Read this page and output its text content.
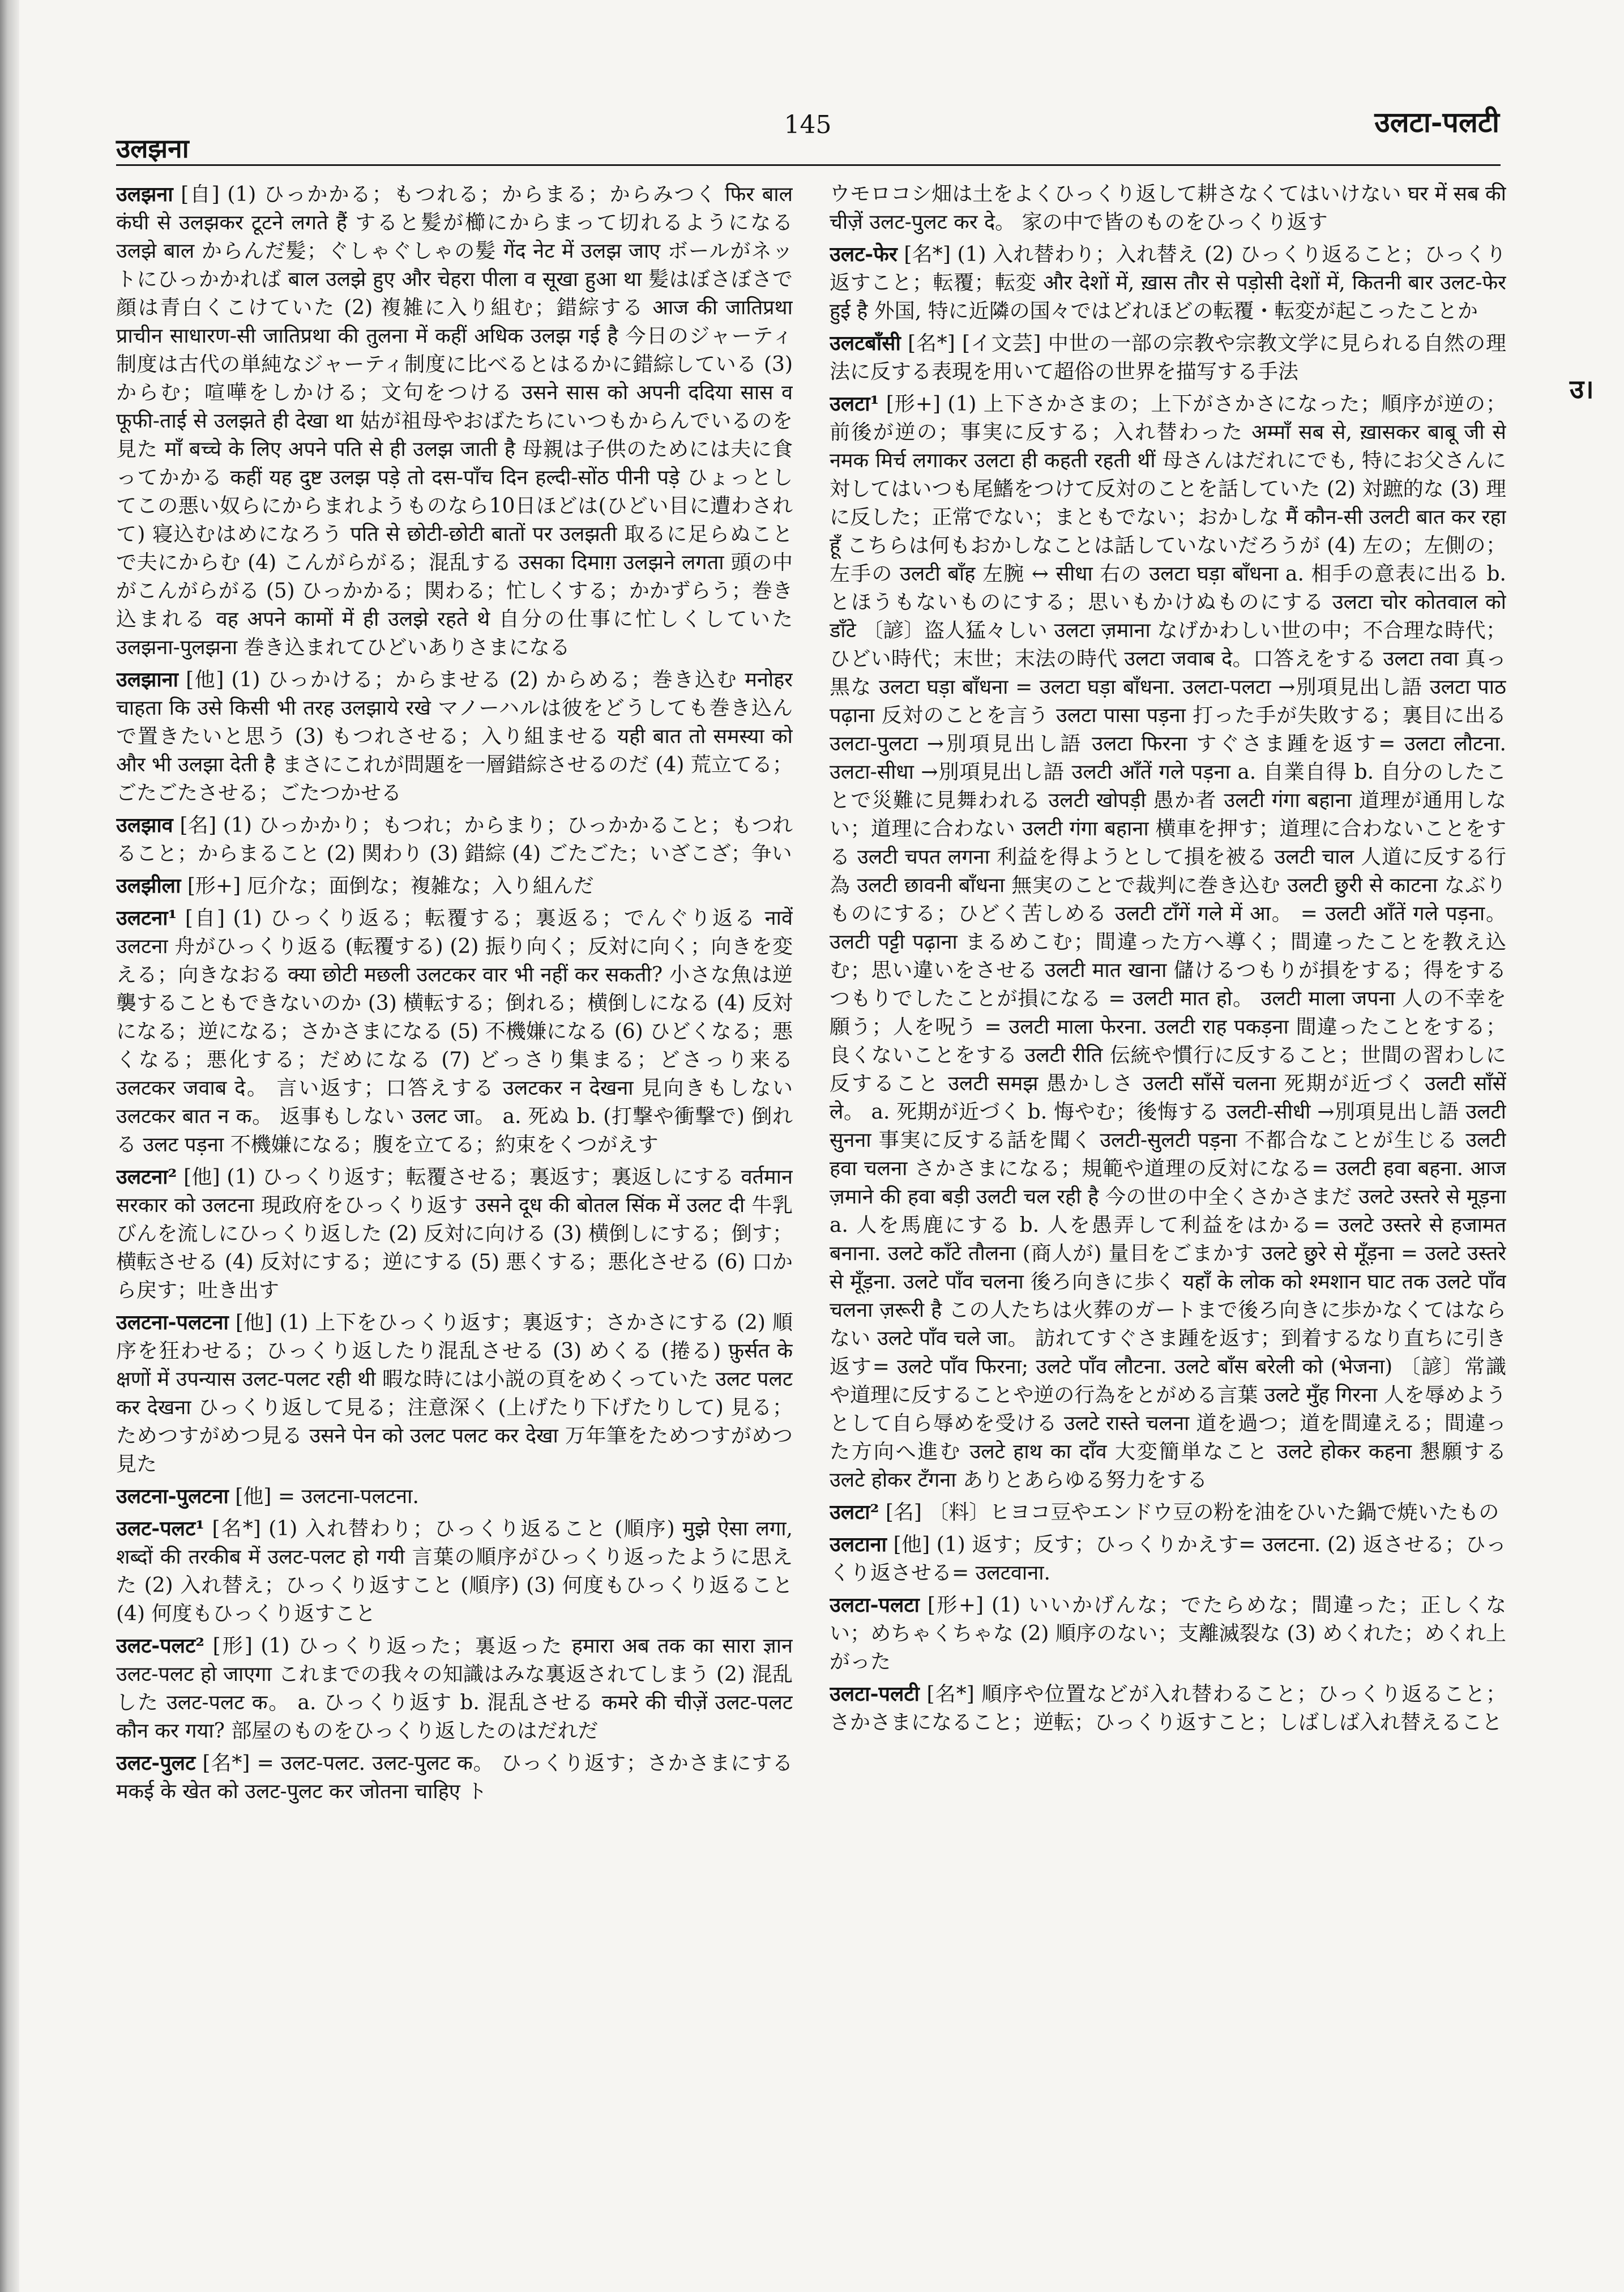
उलझना
145	उलटा-पलटी
उ।

उलझना [自] (1) ひっかかる；もつれる；からまる；からみつく फिर बाल कंघी से उलझकर टूटने लगते हैं すると髪が櫛にからまって切れるようになる उलझे बाल からんだ髪；ぐしゃぐしゃの髪 गेंद नेट में उलझ जाए ボールがネットにひっかかれば बाल उलझे हुए और चेहरा पीला व सूखा हुआ था 髪はぼさぼさで顔は青白くこけていた (2) 複雑に入り組む；錯綜する आज की जातिप्रथा प्राचीन साधारण-सी जातिप्रथा की तुलना में कहीं अधिक उलझ गई है 今日のジャーティ制度は古代の単純なジャーティ制度に比べるとはるかに錯綜している (3) からむ；喧嘩をしかける；文句をつける उसने सास को अपनी ददिया सास व फूफी-ताई से उलझते ही देखा था 姑が祖母やおばたちにいつもからんでいるのを見た माँ बच्चे के लिए अपने पति से ही उलझ जाती है 母親は子供のためには夫に食ってかかる कहीं यह दुष्ट उलझ पड़े तो दस-पाँच दिन हल्दी-सोंठ पीनी पड़े ひょっとしてこの悪い奴らにからまれようものなら10日ほどは(ひどい目に遭わされて) 寝込むはめになろう पति से छोटी-छोटी बातों पर उलझती 取るに足らぬことで夫にからむ (4) こんがらがる；混乱する उसका दिमाग़ उलझने लगता 頭の中がこんがらがる (5) ひっかかる；関わる；忙しくする；かかずらう；巻き込まれる वह अपने कामों में ही उलझे रहते थे 自分の仕事に忙しくしていた उलझना-पुलझना 巻き込まれてひどいありさまになる

उलझाना [他] (1) ひっかける；からませる (2) からめる；巻き込む मनोहर चाहता कि उसे किसी भी तरह उलझाये रखे マノーハルは彼をどうしても巻き込んで置きたいと思う (3) もつれさせる；入り組ませる यही बात तो समस्या को और भी उलझा देती है まさにこれが問題を一層錯綜させるのだ (4) 荒立てる；ごたごたさせる；ごたつかせる

उलझाव [名] (1) ひっかかり；もつれ；からまり；ひっかかること；もつれること；からまること (2) 関わり (3) 錯綜 (4) ごたごた；いざこざ；争い

उलझीला [形+] 厄介な；面倒な；複雑な；入り組んだ

उलटना¹ [自] (1) ひっくり返る；転覆する；裏返る；でんぐり返る नावें उलटना 舟がひっくり返る (転覆する) (2) 振り向く；反対に向く；向きを変える；向きなおる क्या छोटी मछली उलटकर वार भी नहीं कर सकती? 小さな魚は逆襲することもできないのか (3) 横転する；倒れる；横倒しになる (4) 反対になる；逆になる；さかさまになる (5) 不機嫌になる (6) ひどくなる；悪くなる；悪化する；だめになる (7) どっさり集まる；どさっり来る उलटकर जवाब दे。 言い返す；口答えする उलटकर न देखना 見向きもしない उलटकर बात न क。 返事もしない उलट जा。 a. 死ぬ b. (打撃や衝撃で) 倒れる उलट पड़ना 不機嫌になる；腹を立てる；約束をくつがえす

उलटना² [他] (1) ひっくり返す；転覆させる；裏返す；裏返しにする वर्तमान सरकार को उलटना 現政府をひっくり返す उसने दूध की बोतल सिंक में उलट दी 牛乳びんを流しにひっくり返した (2) 反対に向ける (3) 横倒しにする；倒す；横転させる (4) 反対にする；逆にする (5) 悪くする；悪化させる (6) 口から戻す；吐き出す

उलटना-पलटना [他] (1) 上下をひっくり返す；裏返す；さかさにする (2) 順序を狂わせる；ひっくり返したり混乱させる (3) めくる (捲る) फ़ुर्सत के क्षणों में उपन्यास उलट-पलट रही थी 暇な時には小説の頁をめくっていた उलट पलट कर देखना ひっくり返して見る；注意深く (上げたり下げたりして) 見る；ためつすがめつ見る उसने पेन को उलट पलट कर देखा 万年筆をためつすがめつ見た

उलटना-पुलटना [他] = उलटना-पलटना.

उलट-पलट¹ [名*] (1) 入れ替わり；ひっくり返ること (順序) मुझे ऐसा लगा, शब्दों की तरकीब में उलट-पलट हो गयी 言葉の順序がひっくり返ったように思えた (2) 入れ替え；ひっくり返すこと (順序) (3) 何度もひっくり返ること (4) 何度もひっくり返すこと

उलट-पलट² [形] (1) ひっくり返った；裏返った हमारा अब तक का सारा ज्ञान उलट-पलट हो जाएगा これまでの我々の知識はみな裏返されてしまう (2) 混乱した उलट-पलट क。 a. ひっくり返す b. 混乱させる कमरे की चीज़ें उलट-पलट कौन कर गया? 部屋のものをひっくり返したのはだれだ

उलट-पुलट [名*] = उलट-पलट. उलट-पुलट क。 ひっくり返す；さかさまにする मकई के खेत को उलट-पुलट कर जोतना चाहिए ト

ウモロコシ畑は土をよくひっくり返して耕さなくてはいけない घर में सब की चीज़ें उलट-पुलट कर दे。 家の中で皆のものをひっくり返す

उलट-फेर [名*] (1) 入れ替わり；入れ替え (2) ひっくり返ること；ひっくり返すこと；転覆；転変 और देशों में, ख़ास तौर से पड़ोसी देशों में, कितनी बार उलट-फेर हुई है 外国, 特に近隣の国々ではどれほどの転覆・転変が起こったことか

उलटबाँसी [名*] [イ文芸] 中世の一部の宗教や宗教文学に見られる自然の理法に反する表現を用いて超俗の世界を描写する手法

उलटा¹ [形+] (1) 上下さかさまの；上下がさかさになった；順序が逆の；前後が逆の；事実に反する；入れ替わった अम्माँ सब से, ख़ासकर बाबू जी से नमक मिर्च लगाकर उलटा ही कहती रहती थीं 母さんはだれにでも, 特にお父さんに対してはいつも尾鰭をつけて反対のことを話していた (2) 対蹠的な (3) 理に反した；正常でない；まともでない；おかしな मैं कौन-सी उलटी बात कर रहा हूँ こちらは何もおかしなことは話していないだろうが (4) 左の；左側の；左手の उलटी बाँह 左腕 ↔ सीधा 右の उलटा घड़ा बाँधना a. 相手の意表に出る b. とほうもないものにする；思いもかけぬものにする उलटा चोर कोतवाल को डाँटे 〔諺〕盗人猛々しい उलटा ज़माना なげかわしい世の中；不合理な時代；ひどい時代；末世；末法の時代 उलटा जवाब दे。口答えをする उलटा तवा 真っ黒な उलटा घड़ा बाँधना = उलटा घड़ा बाँधना. उलटा-पलटा →別項見出し語 उलटा पाठ पढ़ाना 反対のことを言う उलटा पासा पड़ना 打った手が失敗する；裏目に出る उलटा-पुलटा →別項見出し語 उलटा फिरना すぐさま踵を返す= उलटा लौटना. उलटा-सीधा →別項見出し語 उलटी आँतें गले पड़ना a. 自業自得 b. 自分のしたことで災難に見舞われる उलटी खोपड़ी 愚か者 उलटी गंगा बहाना 道理が通用しない；道理に合わない उलटी गंगा बहाना 横車を押す；道理に合わないことをする उलटी चपत लगना 利益を得ようとして損を被る उलटी चाल 人道に反する行為 उलटी छावनी बाँधना 無実のことで裁判に巻き込む उलटी छुरी से काटना なぶりものにする；ひどく苦しめる उलटी टाँगें गले में आ。 = उलटी आँतें गले पड़ना。 उलटी पट्टी पढ़ाना まるめこむ；間違った方へ導く；間違ったことを教え込む；思い違いをさせる उलटी मात खाना 儲けるつもりが損をする；得をするつもりでしたことが損になる = उलटी मात हो。 उलटी माला जपना 人の不幸を願う；人を呪う = उलटी माला फेरना. उलटी राह पकड़ना 間違ったことをする；良くないことをする उलटी रीति 伝統や慣行に反すること；世間の習わしに反すること उलटी समझ 愚かしさ उलटी साँसें चलना 死期が近づく उलटी साँसें ले。 a. 死期が近づく b. 悔やむ；後悔する उलटी-सीधी →別項見出し語 उलटी सुनना 事実に反する話を聞く उलटी-सुलटी पड़ना 不都合なことが生じる उलटी हवा चलना さかさまになる；規範や道理の反対になる= उलटी हवा बहना. आज ज़माने की हवा बड़ी उलटी चल रही है 今の世の中全くさかさまだ उलटे उस्तरे से मूड़ना a. 人を馬鹿にする b. 人を愚弄して利益をはかる= उलटे उस्तरे से हजामत बनाना. उलटे काँटे तौलना (商人が) 量目をごまかす उलटे छुरे से मूँड़ना = उलटे उस्तरे से मूँड़ना. उलटे पाँव चलना 後ろ向きに歩く यहाँ के लोक को श्मशान घाट तक उलटे पाँव चलना ज़रूरी है この人たちは火葬のガートまで後ろ向きに歩かなくてはならない उलटे पाँव चले जा。 訪れてすぐさま踵を返す；到着するなり直ちに引き返す= उलटे पाँव फिरना; उलटे पाँव लौटना. उलटे बाँस बरेली को (भेजना) 〔諺〕常識や道理に反することや逆の行為をとがめる言葉 उलटे मुँह गिरना 人を辱めようとして自ら辱めを受ける उलटे रास्ते चलना 道を過つ；道を間違える；間違った方向へ進む उलटे हाथ का दाँव 大変簡単なこと उलटे होकर कहना 懇願する उलटे होकर टँगना ありとあらゆる努力をする

उलटा² [名] 〔料〕ヒヨコ豆やエンドウ豆の粉を油をひいた鍋で焼いたもの

उलटाना [他] (1) 返す；反す；ひっくりかえす= उलटना. (2) 返させる；ひっくり返させる= उलटवाना.

उलटा-पलटा [形+] (1) いいかげんな；でたらめな；間違った；正しくない；めちゃくちゃな (2) 順序のない；支離滅裂な (3) めくれた；めくれ上がった

उलटा-पलटी [名*] 順序や位置などが入れ替わること；ひっくり返ること；さかさまになること；逆転；ひっくり返すこと；しばしば入れ替えること
